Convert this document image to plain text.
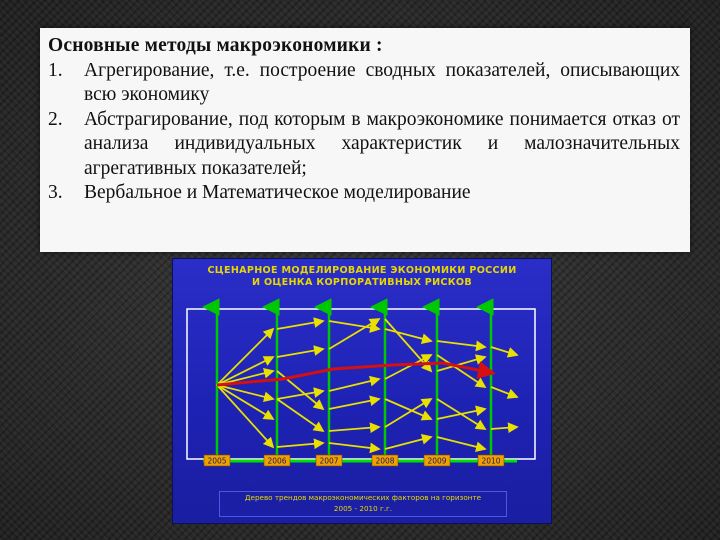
Основные методы макроэкономики :
1.	Агрегирование, т.е. построение сводных показателей, описывающих всю экономику
2.	Абстрагирование, под которым в макроэкономике понимается отказ от анализа индивидуальных характеристик и малозначительных агрегативных показателей;
3.	Вербальное и Математическое моделирование
СЦЕНАРНОЕ МОДЕЛИРОВАНИЕ ЭКОНОМИКИ РОССИИ
И ОЦЕНКА КОРПОРАТИВНЫХ РИСКОВ
2005	2006	2007	2008	2009	2010
Дерево трендов макроэкономических факторов на горизонте
2005 - 2010 г.г.
